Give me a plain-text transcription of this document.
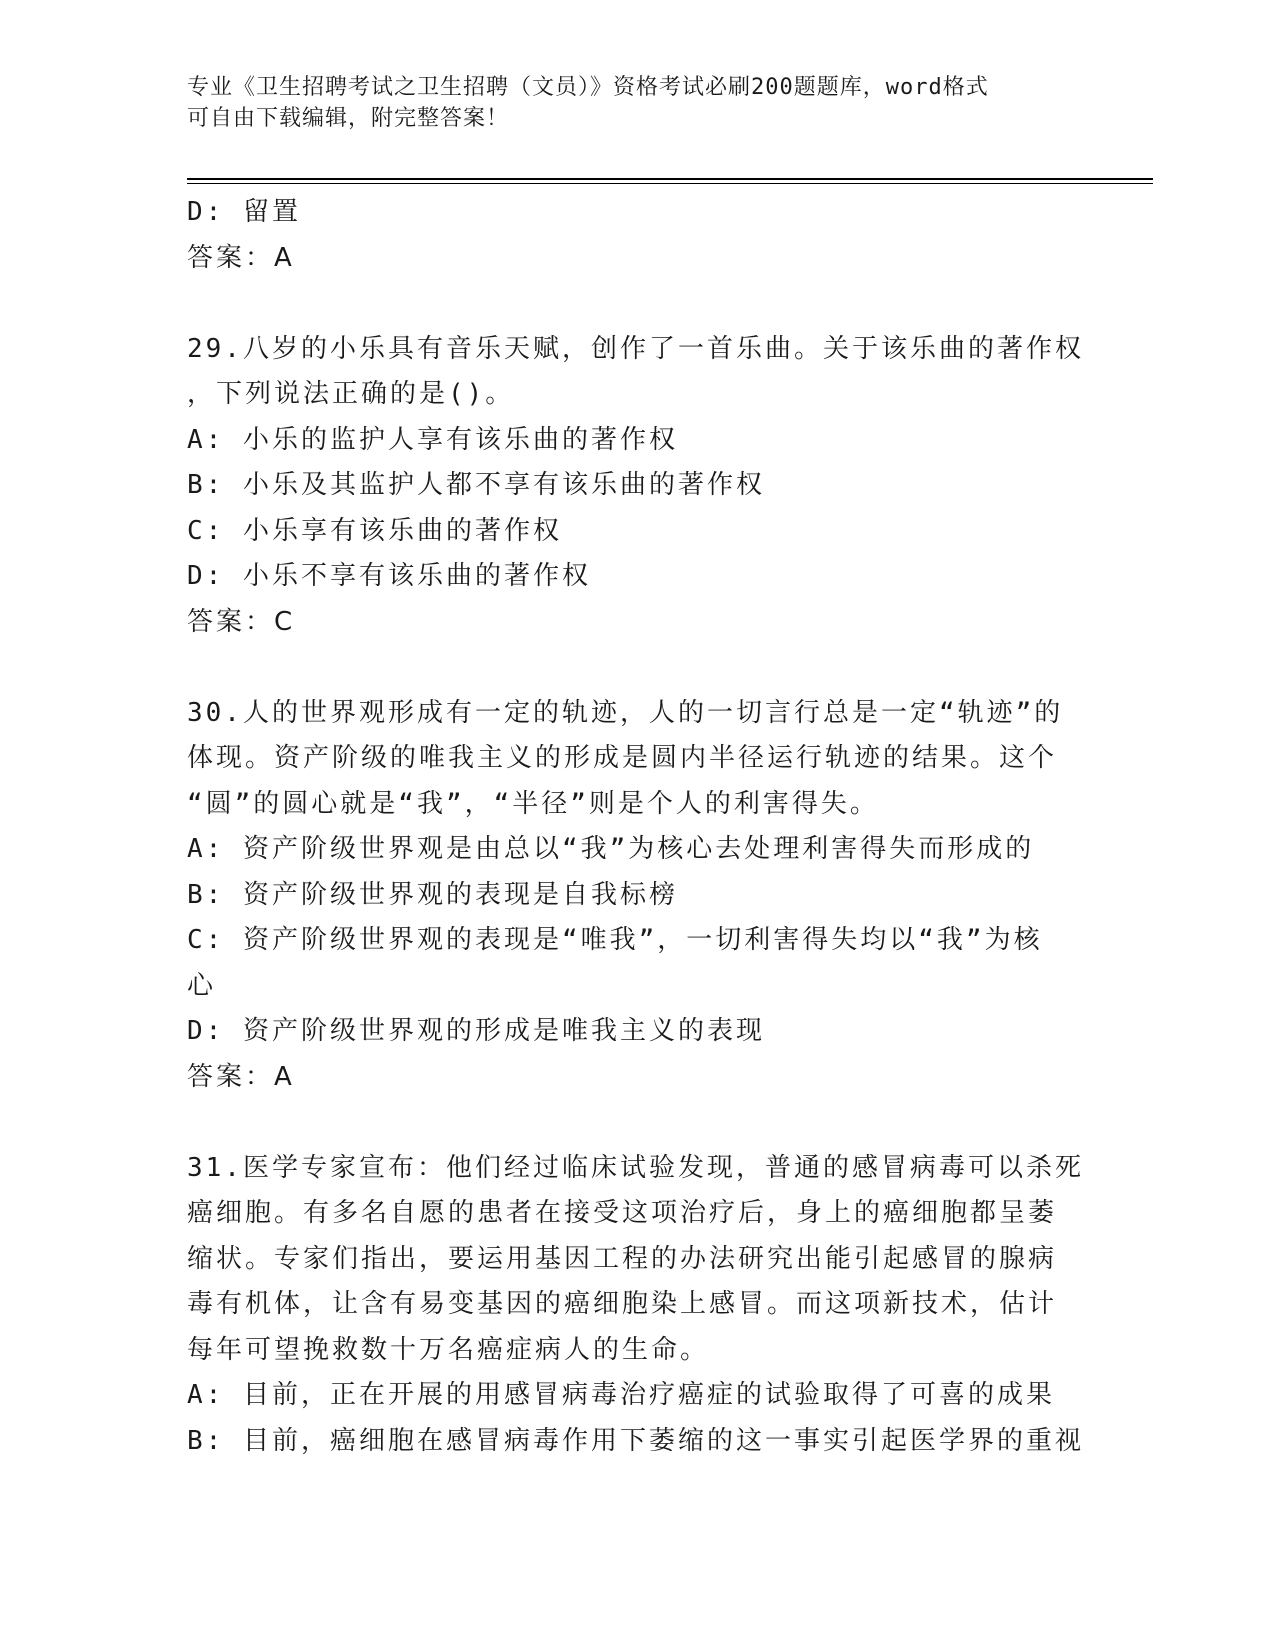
专业《卫生招聘考试之卫生招聘（文员）》资格考试必刷200题题库，word格式
可自由下载编辑，附完整答案！
D: 留置
答案：A
29.八岁的小乐具有音乐天赋，创作了一首乐曲。关于该乐曲的著作权
，下列说法正确的是()。
A: 小乐的监护人享有该乐曲的著作权
B: 小乐及其监护人都不享有该乐曲的著作权
C: 小乐享有该乐曲的著作权
D: 小乐不享有该乐曲的著作权
答案：C
30.人的世界观形成有一定的轨迹，人的一切言行总是一定“轨迹”的
体现。资产阶级的唯我主义的形成是圆内半径运行轨迹的结果。这个
“圆”的圆心就是“我”，“半径”则是个人的利害得失。
A: 资产阶级世界观是由总以“我”为核心去处理利害得失而形成的
B: 资产阶级世界观的表现是自我标榜
C: 资产阶级世界观的表现是“唯我”，一切利害得失均以“我”为核
心
D: 资产阶级世界观的形成是唯我主义的表现
答案：A
31.医学专家宣布：他们经过临床试验发现，普通的感冒病毒可以杀死
癌细胞。有多名自愿的患者在接受这项治疗后，身上的癌细胞都呈萎
缩状。专家们指出，要运用基因工程的办法研究出能引起感冒的腺病
毒有机体，让含有易变基因的癌细胞染上感冒。而这项新技术，估计
每年可望挽救数十万名癌症病人的生命。
A: 目前，正在开展的用感冒病毒治疗癌症的试验取得了可喜的成果
B: 目前，癌细胞在感冒病毒作用下萎缩的这一事实引起医学界的重视
